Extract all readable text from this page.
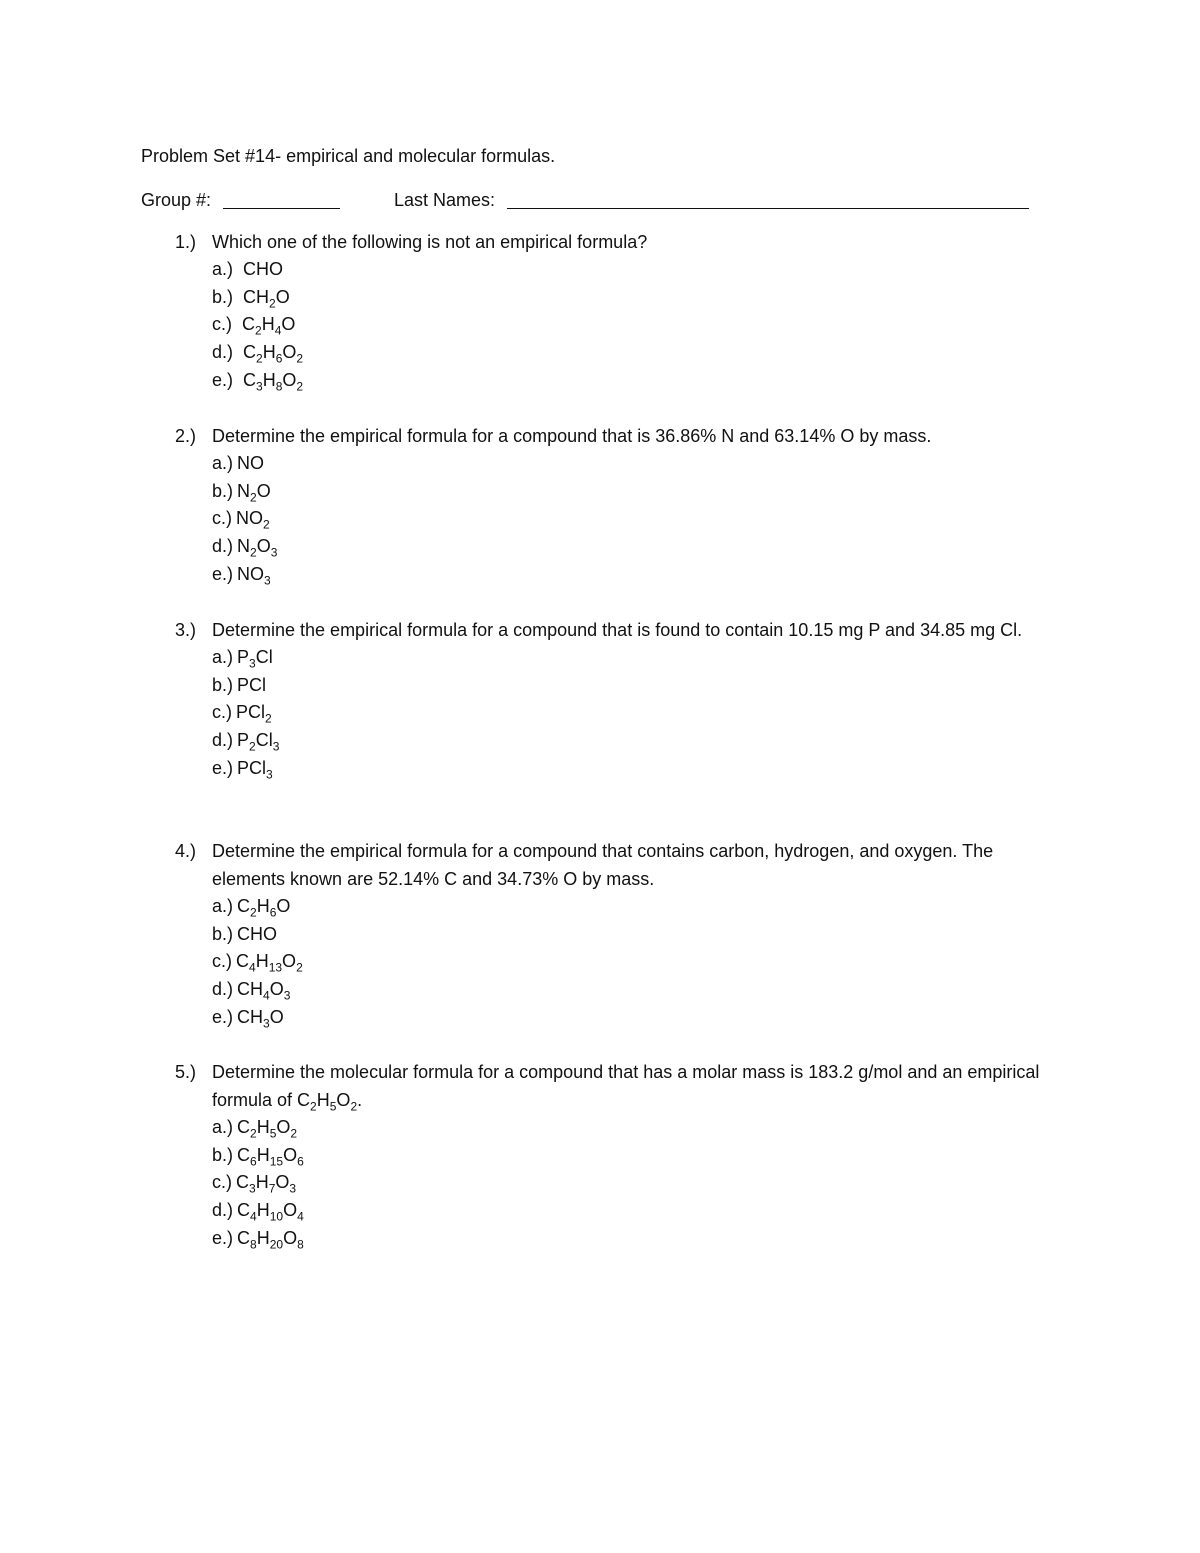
Problem Set #14- empirical and molecular formulas.
Group #:	Last Names:
1.) Which one of the following is not an empirical formula?
a.) CHO
b.) $CH_2O$
c.) $C_2H_4O$
d.) $C_2H_6O_2$
e.) $C_3H_8O_2$
2.) Determine the empirical formula for a compound that is 36.86% N and 63.14% O by mass.
a.) NO
b.) $N_2O$
c.) $NO_2$
d.) $N_2O_3$
e.) $NO_3$
3.) Determine the empirical formula for a compound that is found to contain 10.15 mg P and 34.85 mg Cl.
a.) $P_3Cl$
b.) PCl
c.) PCl$_2$
d.) $P_2Cl_3$
e.) PCl$_3$
4.) Determine the empirical formula for a compound that contains carbon, hydrogen, and oxygen. The elements known are 52.14% C and 34.73% O by mass.
a.) $C_2H_6O$
b.) CHO
c.) $C_4H_{13}O_2$
d.) $CH_4O_3$
e.) $CH_3O$
5.) Determine the molecular formula for a compound that has a molar mass is 183.2 g/mol and an empirical formula of $C_2H_5O_2$.
a.) $C_2H_5O_2$
b.) $C_6H_{15}O_6$
c.) $C_3H_7O_3$
d.) $C_4H_{10}O_4$
e.) $C_8H_{20}O_8$
